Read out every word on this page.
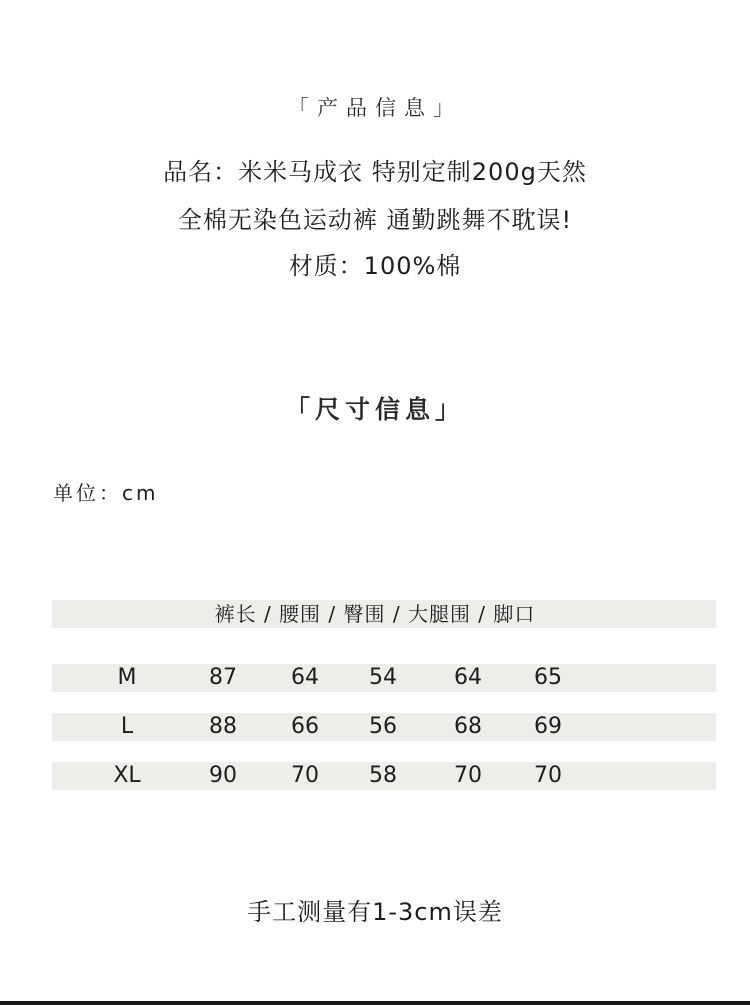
「产品信息」
品名：米米马成衣 特别定制200g天然
全棉无染色运动裤 通勤跳舞不耽误!
材质：100%棉
「尺寸信息」
单位：cm
裤长 / 腰围 / 臀围 / 大腿围 / 脚口
M	87	64	54	64	65
L	88	66	56	68	69
XL	90	70	58	70	70
手工测量有1-3cm误差
